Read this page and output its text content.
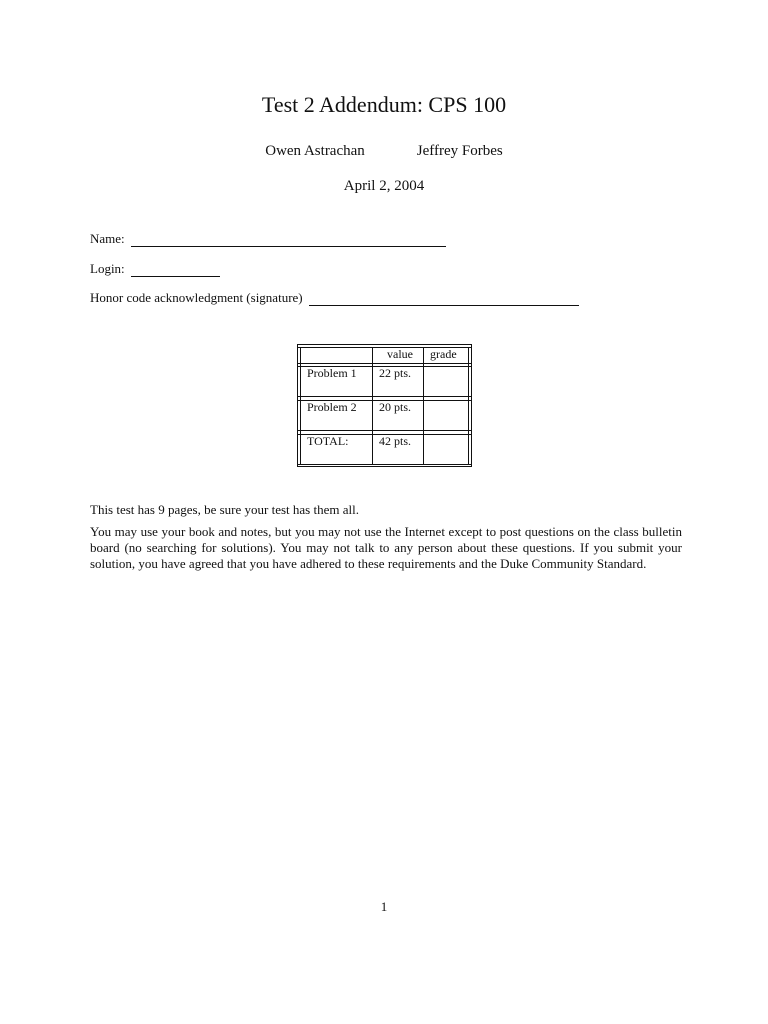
Test 2 Addendum: CPS 100
Owen Astrachan	Jeffrey Forbes
April 2, 2004
Name:
Login:
Honor code acknowledgment (signature)
value grade
Problem 1 22 pts.
Problem 2 20 pts.
TOTAL:	42 pts.

This test has 9 pages, be sure your test has them all.

You may use your book and notes, but you may not use the Internet except to post questions on the class bulletin board (no searching for solutions). You may not talk to any person about these questions. If you submit your solution, you have agreed that you have adhered to these requirements and the Duke Community Standard.

1
